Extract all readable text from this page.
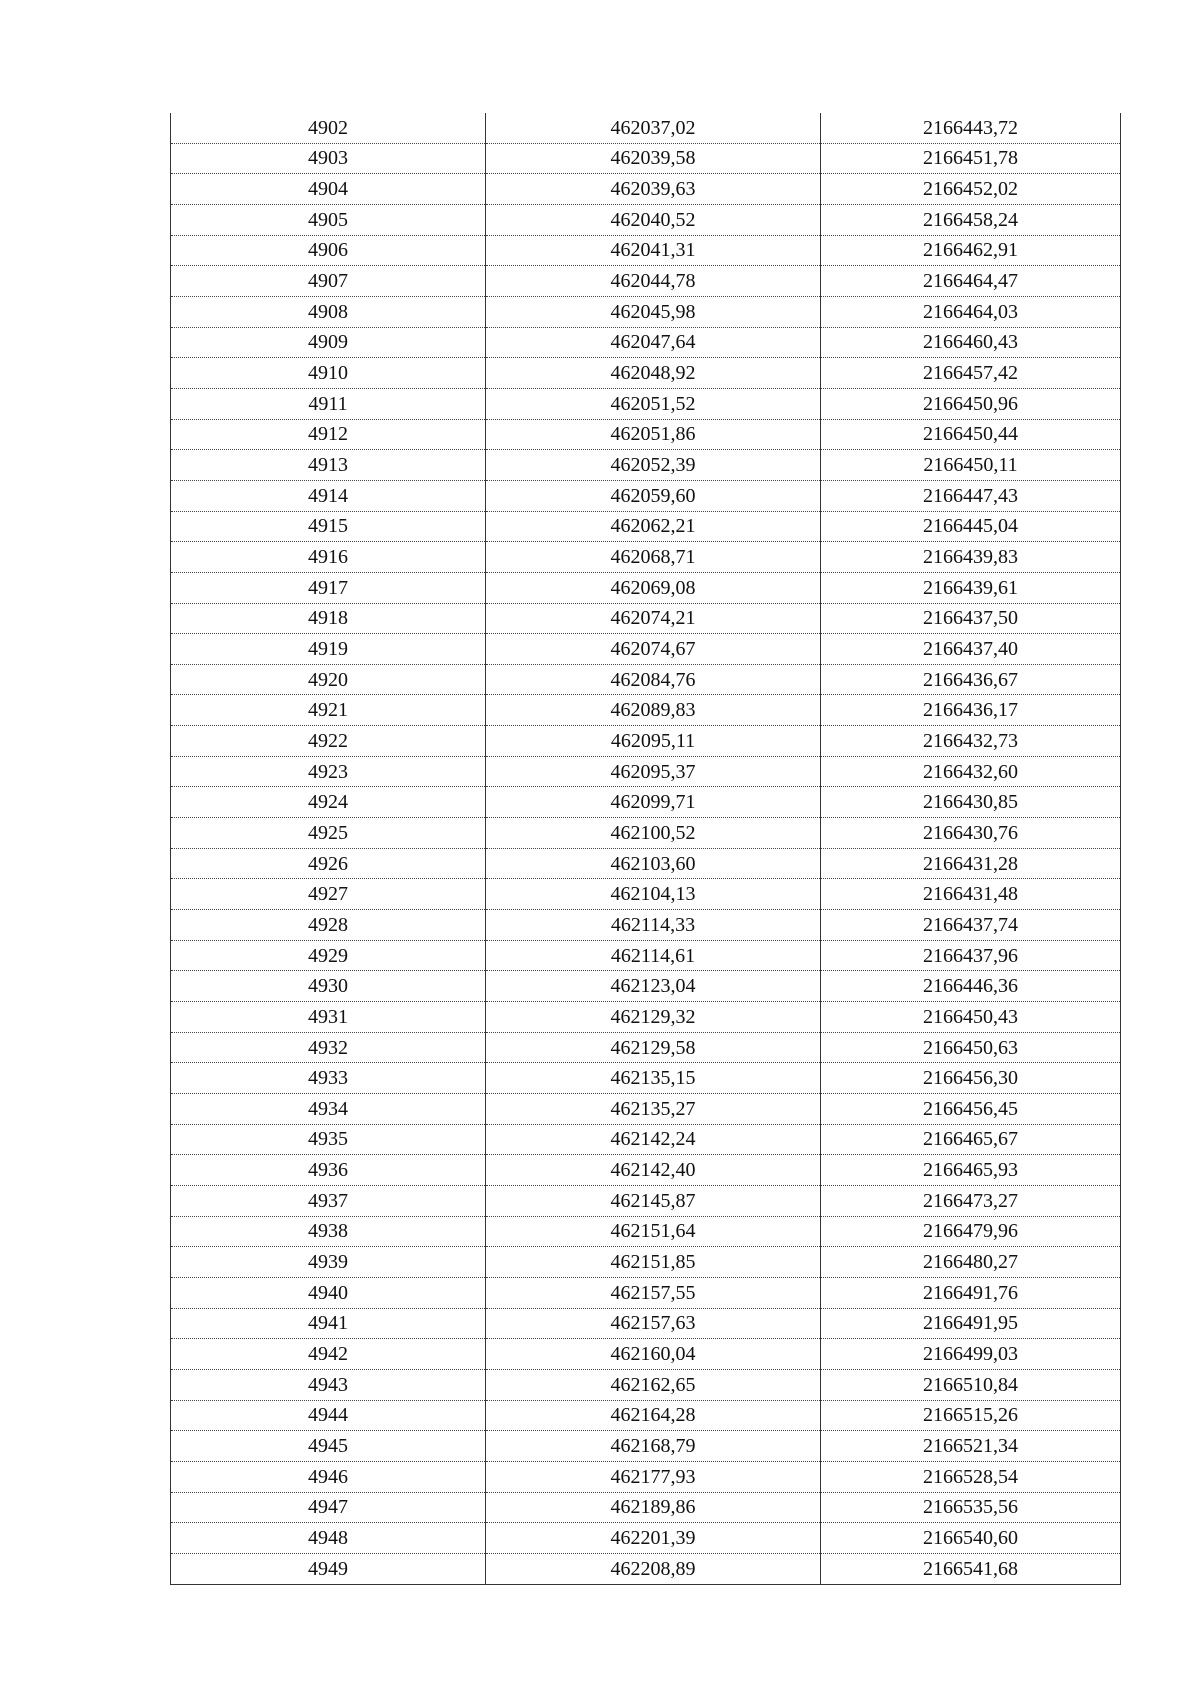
4902	462037,02	2166443,72
4903	462039,58	2166451,78
4904	462039,63	2166452,02
4905	462040,52	2166458,24
4906	462041,31	2166462,91
4907	462044,78	2166464,47
4908	462045,98	2166464,03
4909	462047,64	2166460,43
4910	462048,92	2166457,42
4911	462051,52	2166450,96
4912	462051,86	2166450,44
4913	462052,39	2166450,11
4914	462059,60	2166447,43
4915	462062,21	2166445,04
4916	462068,71	2166439,83
4917	462069,08	2166439,61
4918	462074,21	2166437,50
4919	462074,67	2166437,40
4920	462084,76	2166436,67
4921	462089,83	2166436,17
4922	462095,11	2166432,73
4923	462095,37	2166432,60
4924	462099,71	2166430,85
4925	462100,52	2166430,76
4926	462103,60	2166431,28
4927	462104,13	2166431,48
4928	462114,33	2166437,74
4929	462114,61	2166437,96
4930	462123,04	2166446,36
4931	462129,32	2166450,43
4932	462129,58	2166450,63
4933	462135,15	2166456,30
4934	462135,27	2166456,45
4935	462142,24	2166465,67
4936	462142,40	2166465,93
4937	462145,87	2166473,27
4938	462151,64	2166479,96
4939	462151,85	2166480,27
4940	462157,55	2166491,76
4941	462157,63	2166491,95
4942	462160,04	2166499,03
4943	462162,65	2166510,84
4944	462164,28	2166515,26
4945	462168,79	2166521,34
4946	462177,93	2166528,54
4947	462189,86	2166535,56
4948	462201,39	2166540,60
4949	462208,89	2166541,68
